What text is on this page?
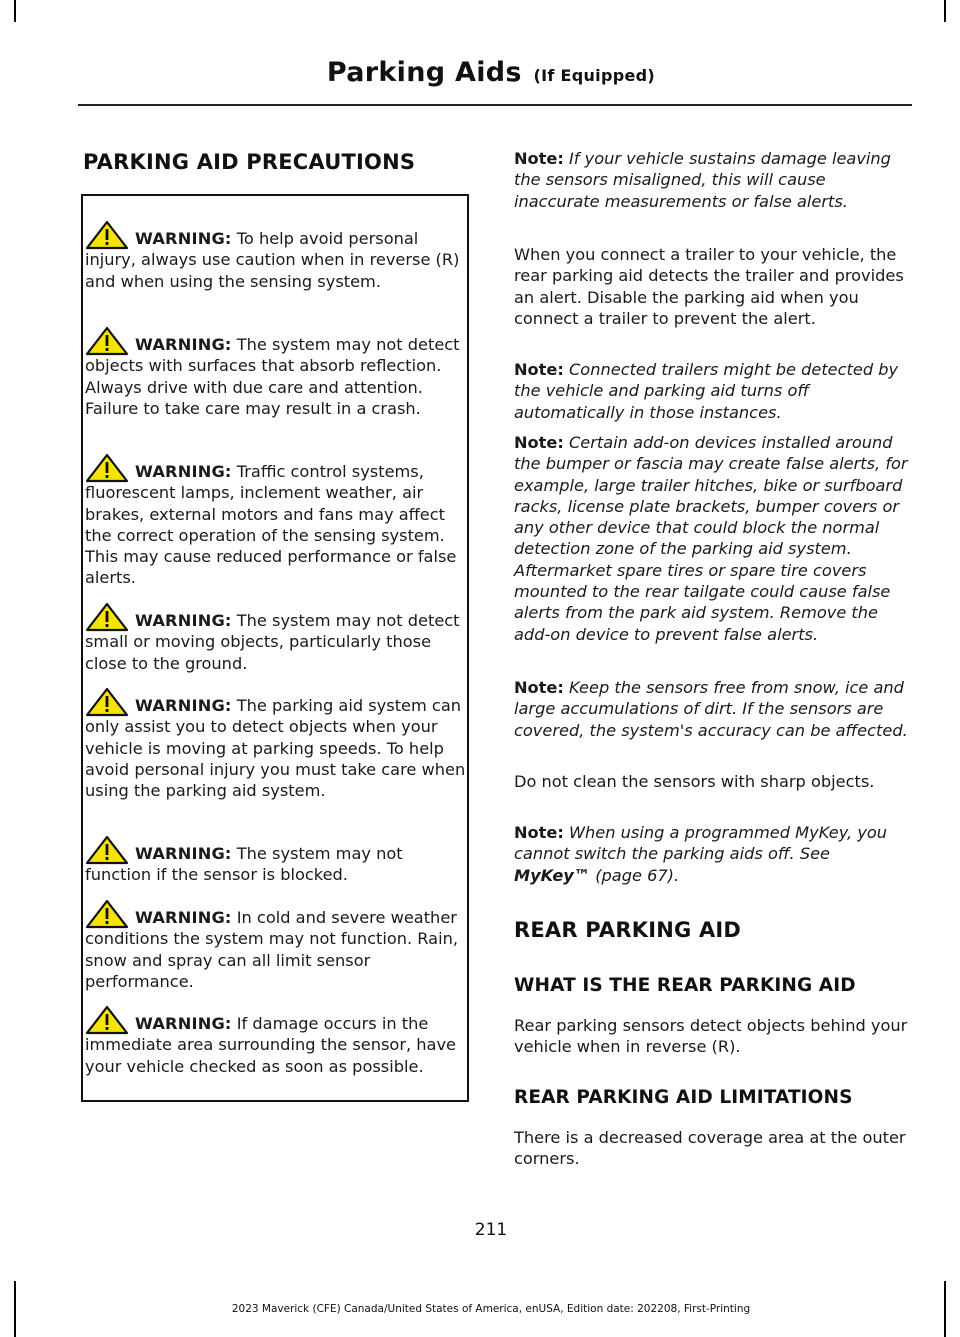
Parking Aids (If Equipped)
PARKING AID PRECAUTIONS
WARNING: To help avoid personal injury, always use caution when in reverse (R) and when using the sensing system.
WARNING: The system may not detect objects with surfaces that absorb reflection. Always drive with due care and attention. Failure to take care may result in a crash.
WARNING: Traffic control systems, fluorescent lamps, inclement weather, air brakes, external motors and fans may affect the correct operation of the sensing system. This may cause reduced performance or false alerts.
WARNING: The system may not detect small or moving objects, particularly those close to the ground.
WARNING: The parking aid system can only assist you to detect objects when your vehicle is moving at parking speeds. To help avoid personal injury you must take care when using the parking aid system.
WARNING: The system may not function if the sensor is blocked.
WARNING: In cold and severe weather conditions the system may not function. Rain, snow and spray can all limit sensor performance.
WARNING: If damage occurs in the immediate area surrounding the sensor, have your vehicle checked as soon as possible.
Note: If your vehicle sustains damage leaving the sensors misaligned, this will cause inaccurate measurements or false alerts.
When you connect a trailer to your vehicle, the rear parking aid detects the trailer and provides an alert. Disable the parking aid when you connect a trailer to prevent the alert.
Note: Connected trailers might be detected by the vehicle and parking aid turns off automatically in those instances.
Note: Certain add-on devices installed around the bumper or fascia may create false alerts, for example, large trailer hitches, bike or surfboard racks, license plate brackets, bumper covers or any other device that could block the normal detection zone of the parking aid system. Aftermarket spare tires or spare tire covers mounted to the rear tailgate could cause false alerts from the park aid system. Remove the add-on device to prevent false alerts.
Note: Keep the sensors free from snow, ice and large accumulations of dirt. If the sensors are covered, the system's accuracy can be affected.
Do not clean the sensors with sharp objects.
Note: When using a programmed MyKey, you cannot switch the parking aids off. See MyKey™ (page 67).
REAR PARKING AID
WHAT IS THE REAR PARKING AID
Rear parking sensors detect objects behind your vehicle when in reverse (R).
REAR PARKING AID LIMITATIONS
There is a decreased coverage area at the outer corners.
211
2023 Maverick (CFE) Canada/United States of America, enUSA, Edition date: 202208, First-Printing
